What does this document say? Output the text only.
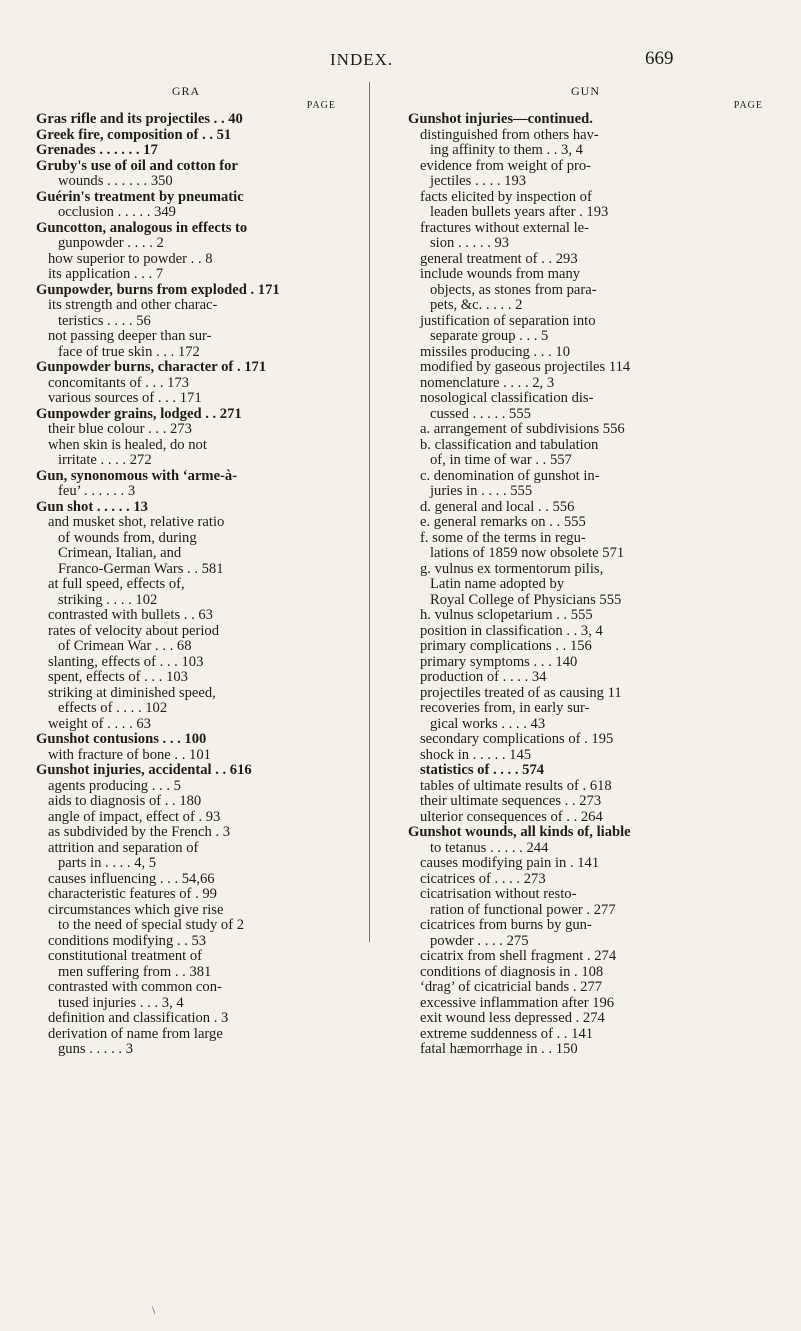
INDEX.	669
GRA
PAGE
Gras rifle and its projectiles . . 40
Greek fire, composition of . . 51
Grenades . . . . . . 17
Gruby's use of oil and cotton for
wounds . . . . . . 350
Guérin's treatment by pneumatic
occlusion . . . . . 349
Guncotton, analogous in effects to
gunpowder . . . . 2
how superior to powder . . 8
its application . . . 7
Gunpowder, burns from exploded . 171
its strength and other charac-
teristics . . . . 56
not passing deeper than sur-
face of true skin . . . 172
Gunpowder burns, character of . 171
concomitants of . . . 173
various sources of . . . 171
Gunpowder grains, lodged . . 271
their blue colour . . . 273
when skin is healed, do not
irritate . . . . 272
Gun, synonomous with ‘arme-à-
feu’ . . . . . . 3
Gun shot . . . . . 13
and musket shot, relative ratio
of wounds from, during
Crimean, Italian, and
Franco-German Wars . . 581
at full speed, effects of,
striking . . . . 102
contrasted with bullets . . 63
rates of velocity about period
of Crimean War . . . 68
slanting, effects of . . . 103
spent, effects of . . . 103
striking at diminished speed,
effects of . . . . 102
weight of . . . . 63
Gunshot contusions . . . 100
with fracture of bone . . 101
Gunshot injuries, accidental . . 616
agents producing . . . 5
aids to diagnosis of . . 180
angle of impact, effect of . 93
as subdivided by the French . 3
attrition and separation of
parts in . . . . 4, 5
causes influencing . . . 54,66
characteristic features of . 99
circumstances which give rise
to the need of special study of 2
conditions modifying . . 53
constitutional treatment of
men suffering from . . 381
contrasted with common con-
tused injuries . . . 3, 4
definition and classification . 3
derivation of name from large
guns . . . . . 3
GUN
PAGE
Gunshot injuries—continued.
distinguished from others hav-
ing affinity to them . . 3, 4
evidence from weight of pro-
jectiles . . . . 193
facts elicited by inspection of
leaden bullets years after . 193
fractures without external le-
sion . . . . . 93
general treatment of . . 293
include wounds from many
objects, as stones from para-
pets, &c. . . . . 2
justification of separation into
separate group . . . 5
missiles producing . . . 10
modified by gaseous projectiles 114
nomenclature . . . . 2, 3
nosological classification dis-
cussed . . . . . 555
a. arrangement of subdivisions 556
b. classification and tabulation
of, in time of war . . 557
c. denomination of gunshot in-
juries in . . . . 555
d. general and local . . 556
e. general remarks on . . 555
f. some of the terms in regu-
lations of 1859 now obsolete 571
g. vulnus ex tormentorum pilis,
Latin name adopted by
Royal College of Physicians 555
h. vulnus sclopetarium . . 555
position in classification . . 3, 4
primary complications . . 156
primary symptoms . . . 140
production of . . . . 34
projectiles treated of as causing 11
recoveries from, in early sur-
gical works . . . . 43
secondary complications of . 195
shock in . . . . . 145
statistics of . . . . 574
tables of ultimate results of . 618
their ultimate sequences . . 273
ulterior consequences of . . 264
Gunshot wounds, all kinds of, liable
to tetanus . . . . . 244
causes modifying pain in . 141
cicatrices of . . . . 273
cicatrisation without resto-
ration of functional power . 277
cicatrices from burns by gun-
powder . . . . 275
cicatrix from shell fragment . 274
conditions of diagnosis in . 108
‘drag’ of cicatricial bands . 277
excessive inflammation after 196
exit wound less depressed . 274
extreme suddenness of . . 141
fatal hæmorrhage in . . 150
\
